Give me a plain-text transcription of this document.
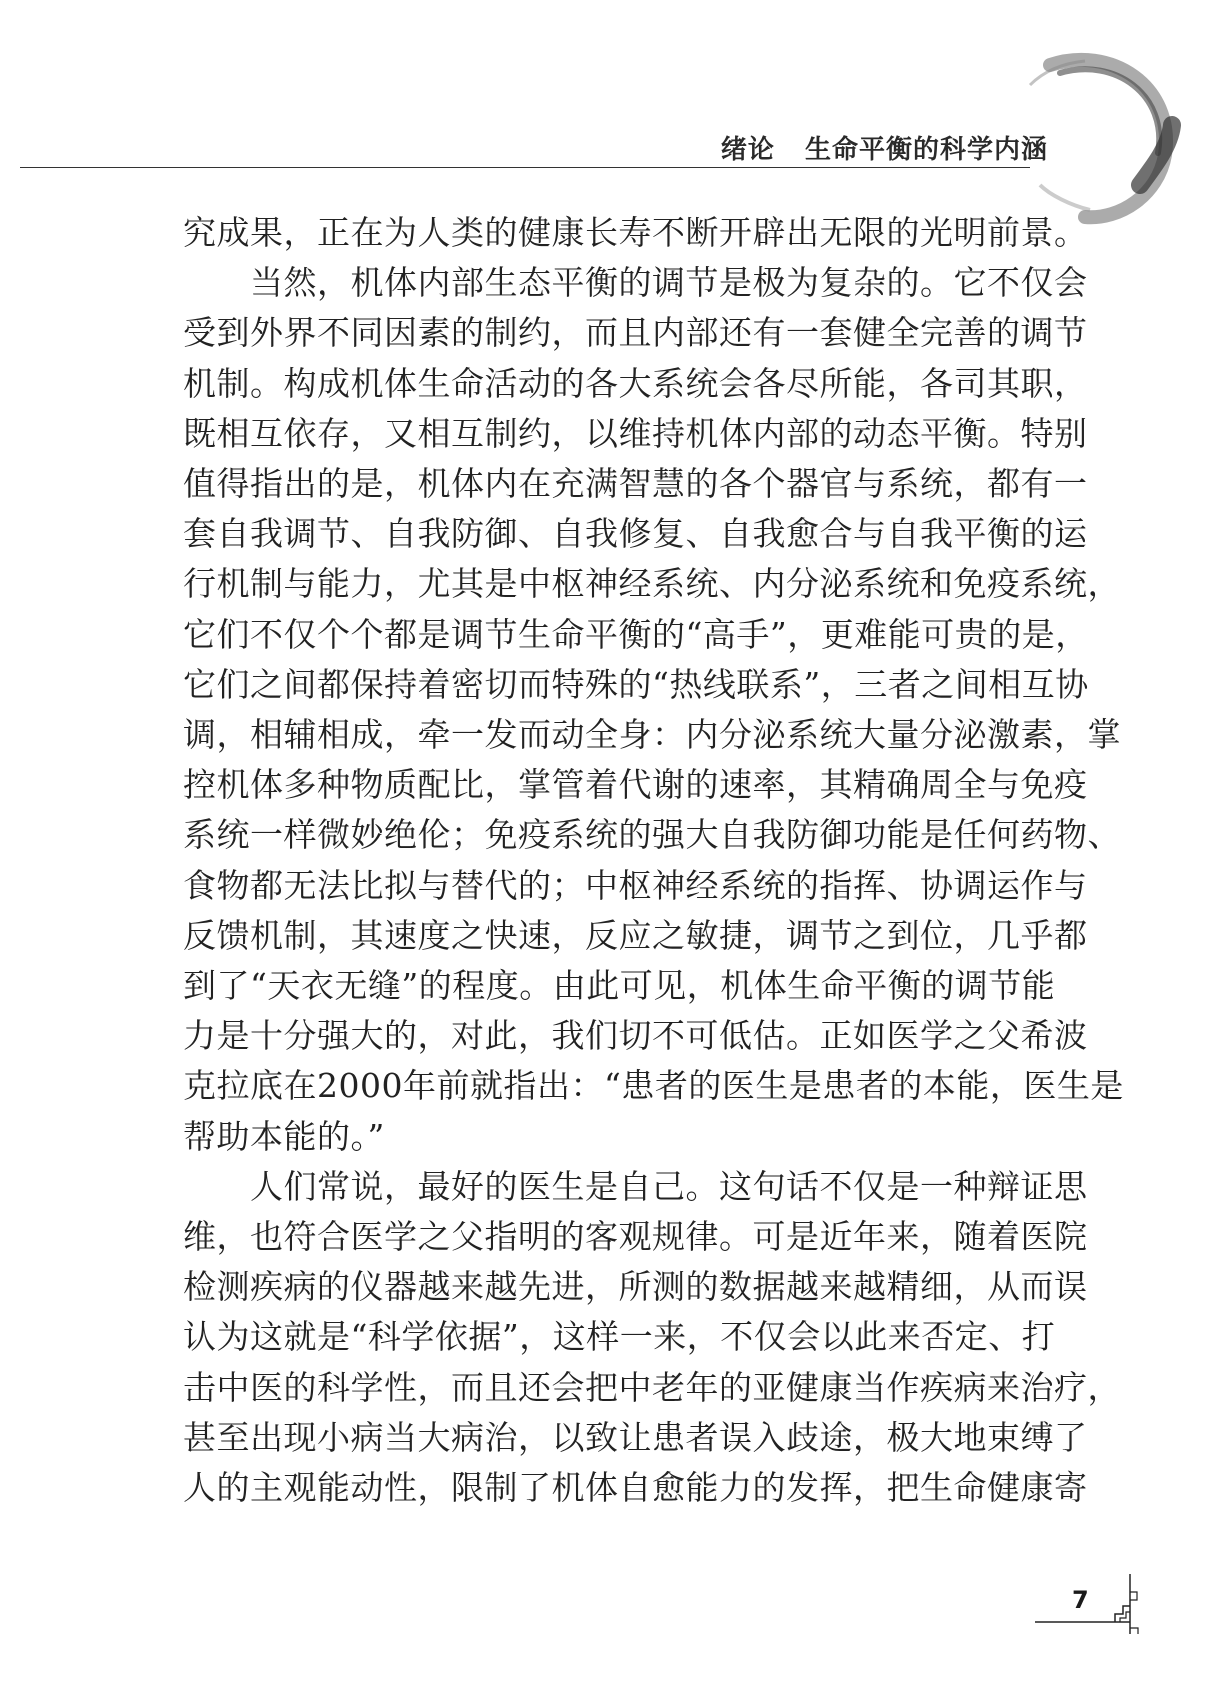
绪论   生命平衡的科学内涵
究成果，正在为人类的健康长寿不断开辟出无限的光明前景。
　　当然，机体内部生态平衡的调节是极为复杂的。它不仅会
受到外界不同因素的制约，而且内部还有一套健全完善的调节
机制。构成机体生命活动的各大系统会各尽所能，各司其职，
既相互依存，又相互制约，以维持机体内部的动态平衡。特别
值得指出的是，机体内在充满智慧的各个器官与系统，都有一
套自我调节、自我防御、自我修复、自我愈合与自我平衡的运
行机制与能力，尤其是中枢神经系统、内分泌系统和免疫系统，
它们不仅个个都是调节生命平衡的“高手”，更难能可贵的是，
它们之间都保持着密切而特殊的“热线联系”，三者之间相互协
调，相辅相成，牵一发而动全身：内分泌系统大量分泌激素，掌
控机体多种物质配比，掌管着代谢的速率，其精确周全与免疫
系统一样微妙绝伦；免疫系统的强大自我防御功能是任何药物、
食物都无法比拟与替代的；中枢神经系统的指挥、协调运作与
反馈机制，其速度之快速，反应之敏捷，调节之到位，几乎都
到了“天衣无缝”的程度。由此可见，机体生命平衡的调节能
力是十分强大的，对此，我们切不可低估。正如医学之父希波
克拉底在2000年前就指出：“患者的医生是患者的本能，医生是
帮助本能的。”
　　人们常说，最好的医生是自己。这句话不仅是一种辩证思
维，也符合医学之父指明的客观规律。可是近年来，随着医院
检测疾病的仪器越来越先进，所测的数据越来越精细，从而误
认为这就是“科学依据”，这样一来，不仅会以此来否定、打
击中医的科学性，而且还会把中老年的亚健康当作疾病来治疗，
甚至出现小病当大病治，以致让患者误入歧途，极大地束缚了
人的主观能动性，限制了机体自愈能力的发挥，把生命健康寄
7
